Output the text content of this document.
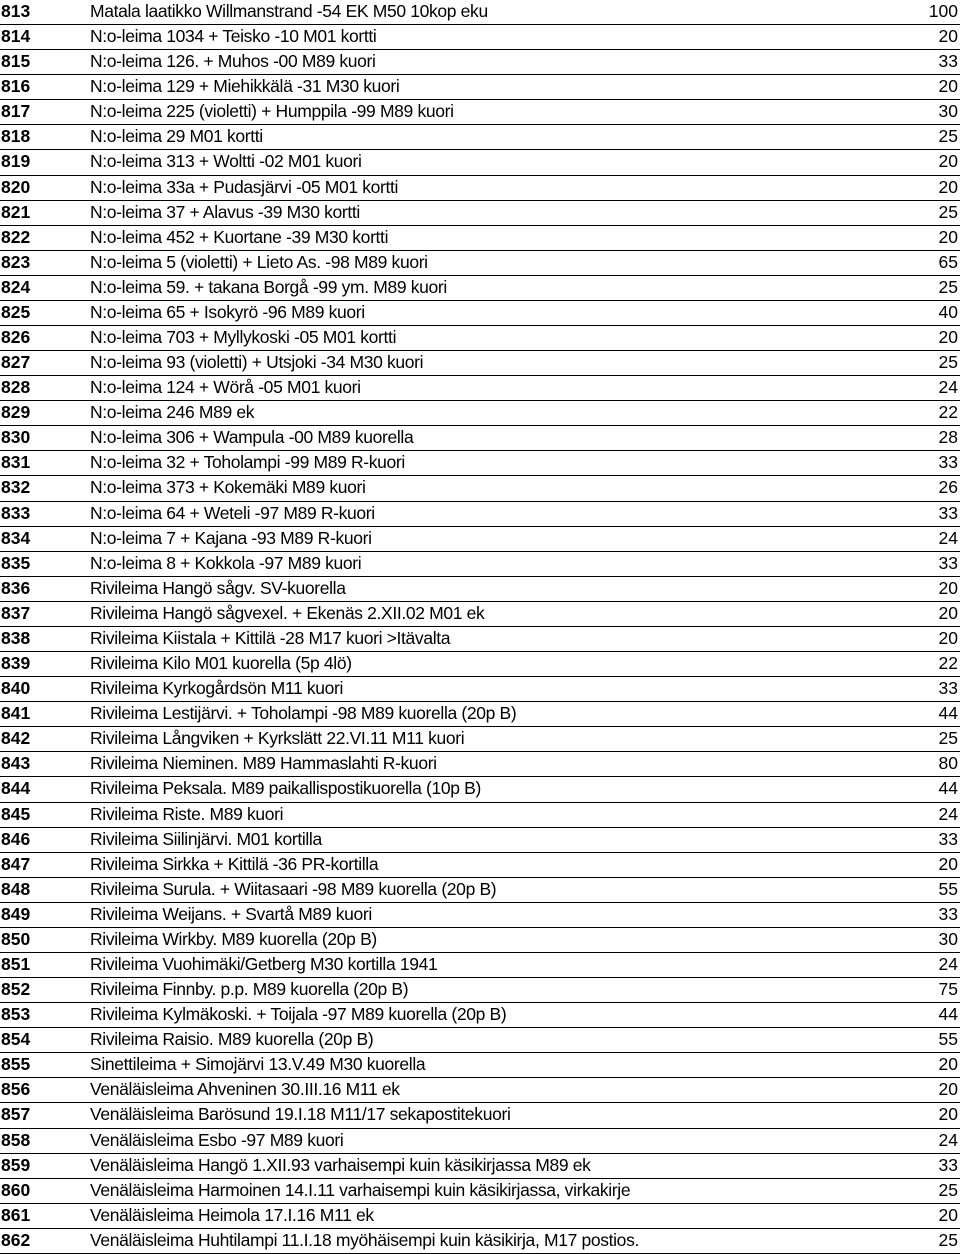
813	Matala laatikko Willmanstrand -54 EK M50 10kop eku	100
814	N:o-leima 1034 + Teisko -10 M01 kortti	20
815	N:o-leima 126. + Muhos -00 M89 kuori	33
816	N:o-leima 129 + Miehikkälä -31 M30 kuori	20
817	N:o-leima 225 (violetti) + Humppila -99 M89 kuori	30
818	N:o-leima 29 M01 kortti	25
819	N:o-leima 313 + Woltti -02 M01 kuori	20
820	N:o-leima 33a + Pudasjärvi -05 M01 kortti	20
821	N:o-leima 37 + Alavus -39 M30 kortti	25
822	N:o-leima 452 + Kuortane -39 M30 kortti	20
823	N:o-leima 5 (violetti) + Lieto As. -98 M89 kuori	65
824	N:o-leima 59. + takana Borgå -99 ym. M89 kuori	25
825	N:o-leima 65 + Isokyrö -96 M89 kuori	40
826	N:o-leima 703 + Myllykoski -05 M01 kortti	20
827	N:o-leima 93 (violetti) + Utsjoki -34 M30 kuori	25
828	N:o-leima 124 + Wörå -05 M01 kuori	24
829	N:o-leima 246 M89 ek	22
830	N:o-leima 306 + Wampula -00 M89 kuorella	28
831	N:o-leima 32 + Toholampi -99 M89 R-kuori	33
832	N:o-leima 373 + Kokemäki M89 kuori	26
833	N:o-leima 64 + Weteli -97 M89 R-kuori	33
834	N:o-leima 7 + Kajana -93 M89 R-kuori	24
835	N:o-leima 8 + Kokkola -97 M89 kuori	33
836	Rivileima Hangö sågv. SV-kuorella	20
837	Rivileima Hangö sågvexel. + Ekenäs 2.XII.02 M01 ek	20
838	Rivileima Kiistala + Kittilä -28 M17 kuori >Itävalta	20
839	Rivileima Kilo M01 kuorella (5p 4lö)	22
840	Rivileima Kyrkogårdsön M11 kuori	33
841	Rivileima Lestijärvi. + Toholampi -98 M89 kuorella (20p B)	44
842	Rivileima Långviken + Kyrkslätt 22.VI.11 M11 kuori	25
843	Rivileima Nieminen. M89 Hammaslahti R-kuori	80
844	Rivileima Peksala. M89 paikallispostikuorella (10p B)	44
845	Rivileima Riste. M89 kuori	24
846	Rivileima Siilinjärvi. M01 kortilla	33
847	Rivileima Sirkka + Kittilä -36 PR-kortilla	20
848	Rivileima Surula. + Wiitasaari -98 M89 kuorella (20p B)	55
849	Rivileima Weijans. + Svartå M89 kuori	33
850	Rivileima Wirkby. M89 kuorella (20p B)	30
851	Rivileima Vuohimäki/Getberg M30 kortilla 1941	24
852	Rivileima Finnby. p.p. M89 kuorella (20p B)	75
853	Rivileima Kylmäkoski. + Toijala -97 M89 kuorella (20p B)	44
854	Rivileima Raisio. M89 kuorella (20p B)	55
855	Sinettileima + Simojärvi 13.V.49 M30 kuorella	20
856	Venäläisleima Ahveninen 30.III.16 M11 ek	20
857	Venäläisleima Barösund 19.I.18 M11/17 sekapostitekuori	20
858	Venäläisleima Esbo -97 M89 kuori	24
859	Venäläisleima Hangö 1.XII.93 varhaisempi kuin käsikirjassa M89 ek	33
860	Venäläisleima Harmoinen 14.I.11 varhaisempi kuin käsikirjassa, virkakirje	25
861	Venäläisleima Heimola 17.I.16 M11 ek	20
862	Venäläisleima Huhtilampi 11.I.18 myöhäisempi kuin käsikirja, M17 postios.	25
